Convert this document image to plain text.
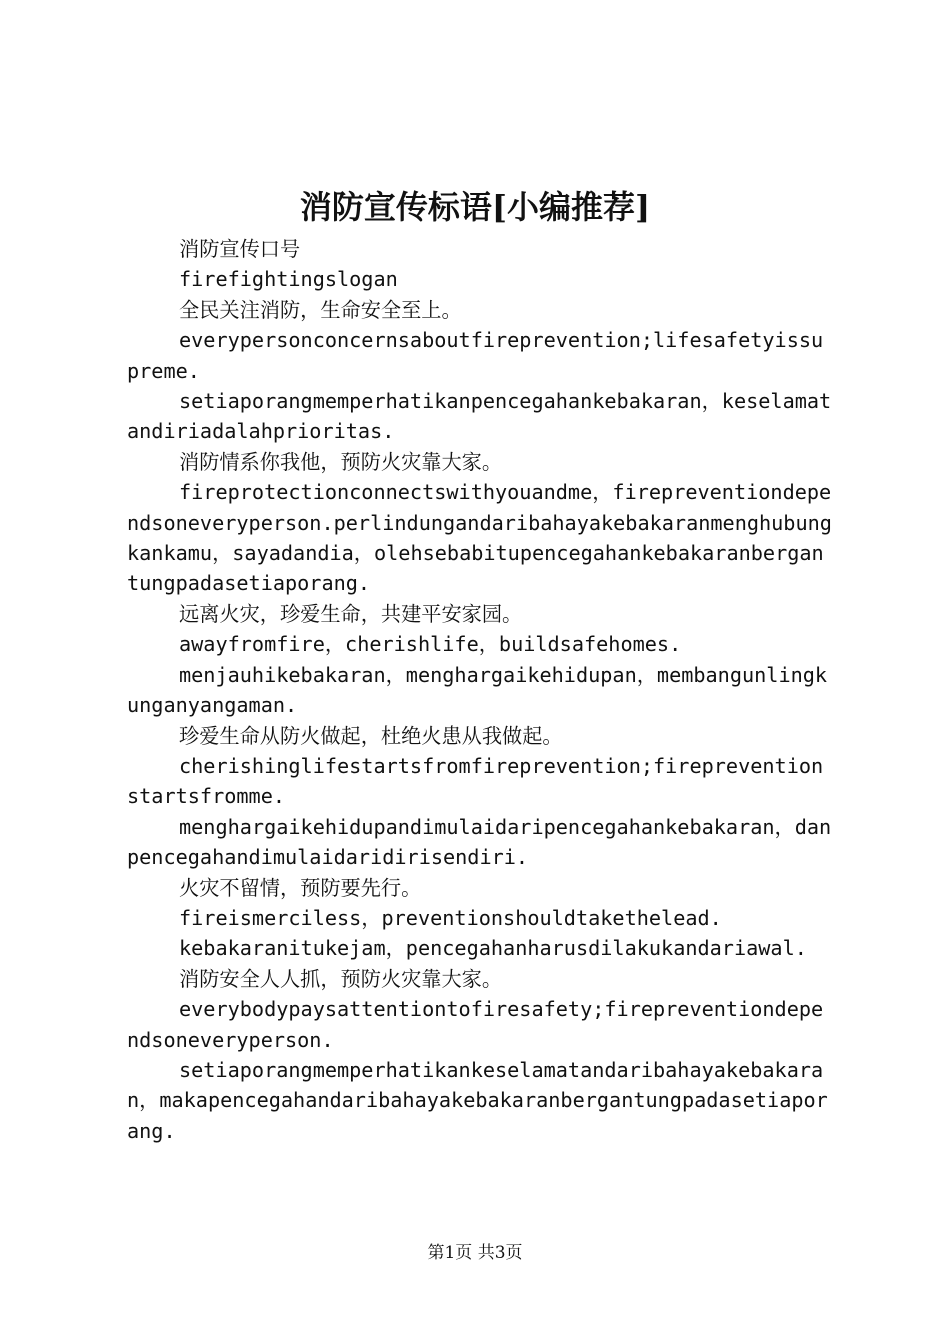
消防宣传标语[小编推荐]

消防宣传口号

firefightingslogan

全民关注消防，生命安全至上。

everypersonconcernsaboutfireprevention;lifesafetyissupreme.

setiaporangmemperhatikanpencegahankebakaran，keselamatandiriadalahprioritas.

消防情系你我他，预防火灾靠大家。

fireprotectionconnectswithyouandme，firepreventiondependsoneveryperson.perlindungandaribahayakebakaranmenghubungkankamu，sayadandia，olehsebabitupencegahankebakaranbergantungpadasetiaporang.

远离火灾，珍爱生命，共建平安家园。

awayfromfire，cherishlife，buildsafehomes.

menjauhikebakaran，menghargaikehidupan，membangunlingkunganyangaman.

珍爱生命从防火做起，杜绝火患从我做起。

cherishinglifestartsfromfireprevention;firepreventionstartsfromme.

menghargaikehidupandimulaidaripencegahankebakaran，danpencegahandimulaidaridirisendiri.

火灾不留情，预防要先行。

fireismerciless，preventionshouldtakethelead.

kebakaranitukejam，pencegahanharusdilakukandariawal.

消防安全人人抓，预防火灾靠大家。

everybodypaysattentiontofiresafety;firepreventiondependsoneveryperson.

setiaporangmemperhatikankeselamatandaribahayakebakaran，makapencegahandaribahayakebakaranbergantungpadasetiaporang.

第1页 共3页
